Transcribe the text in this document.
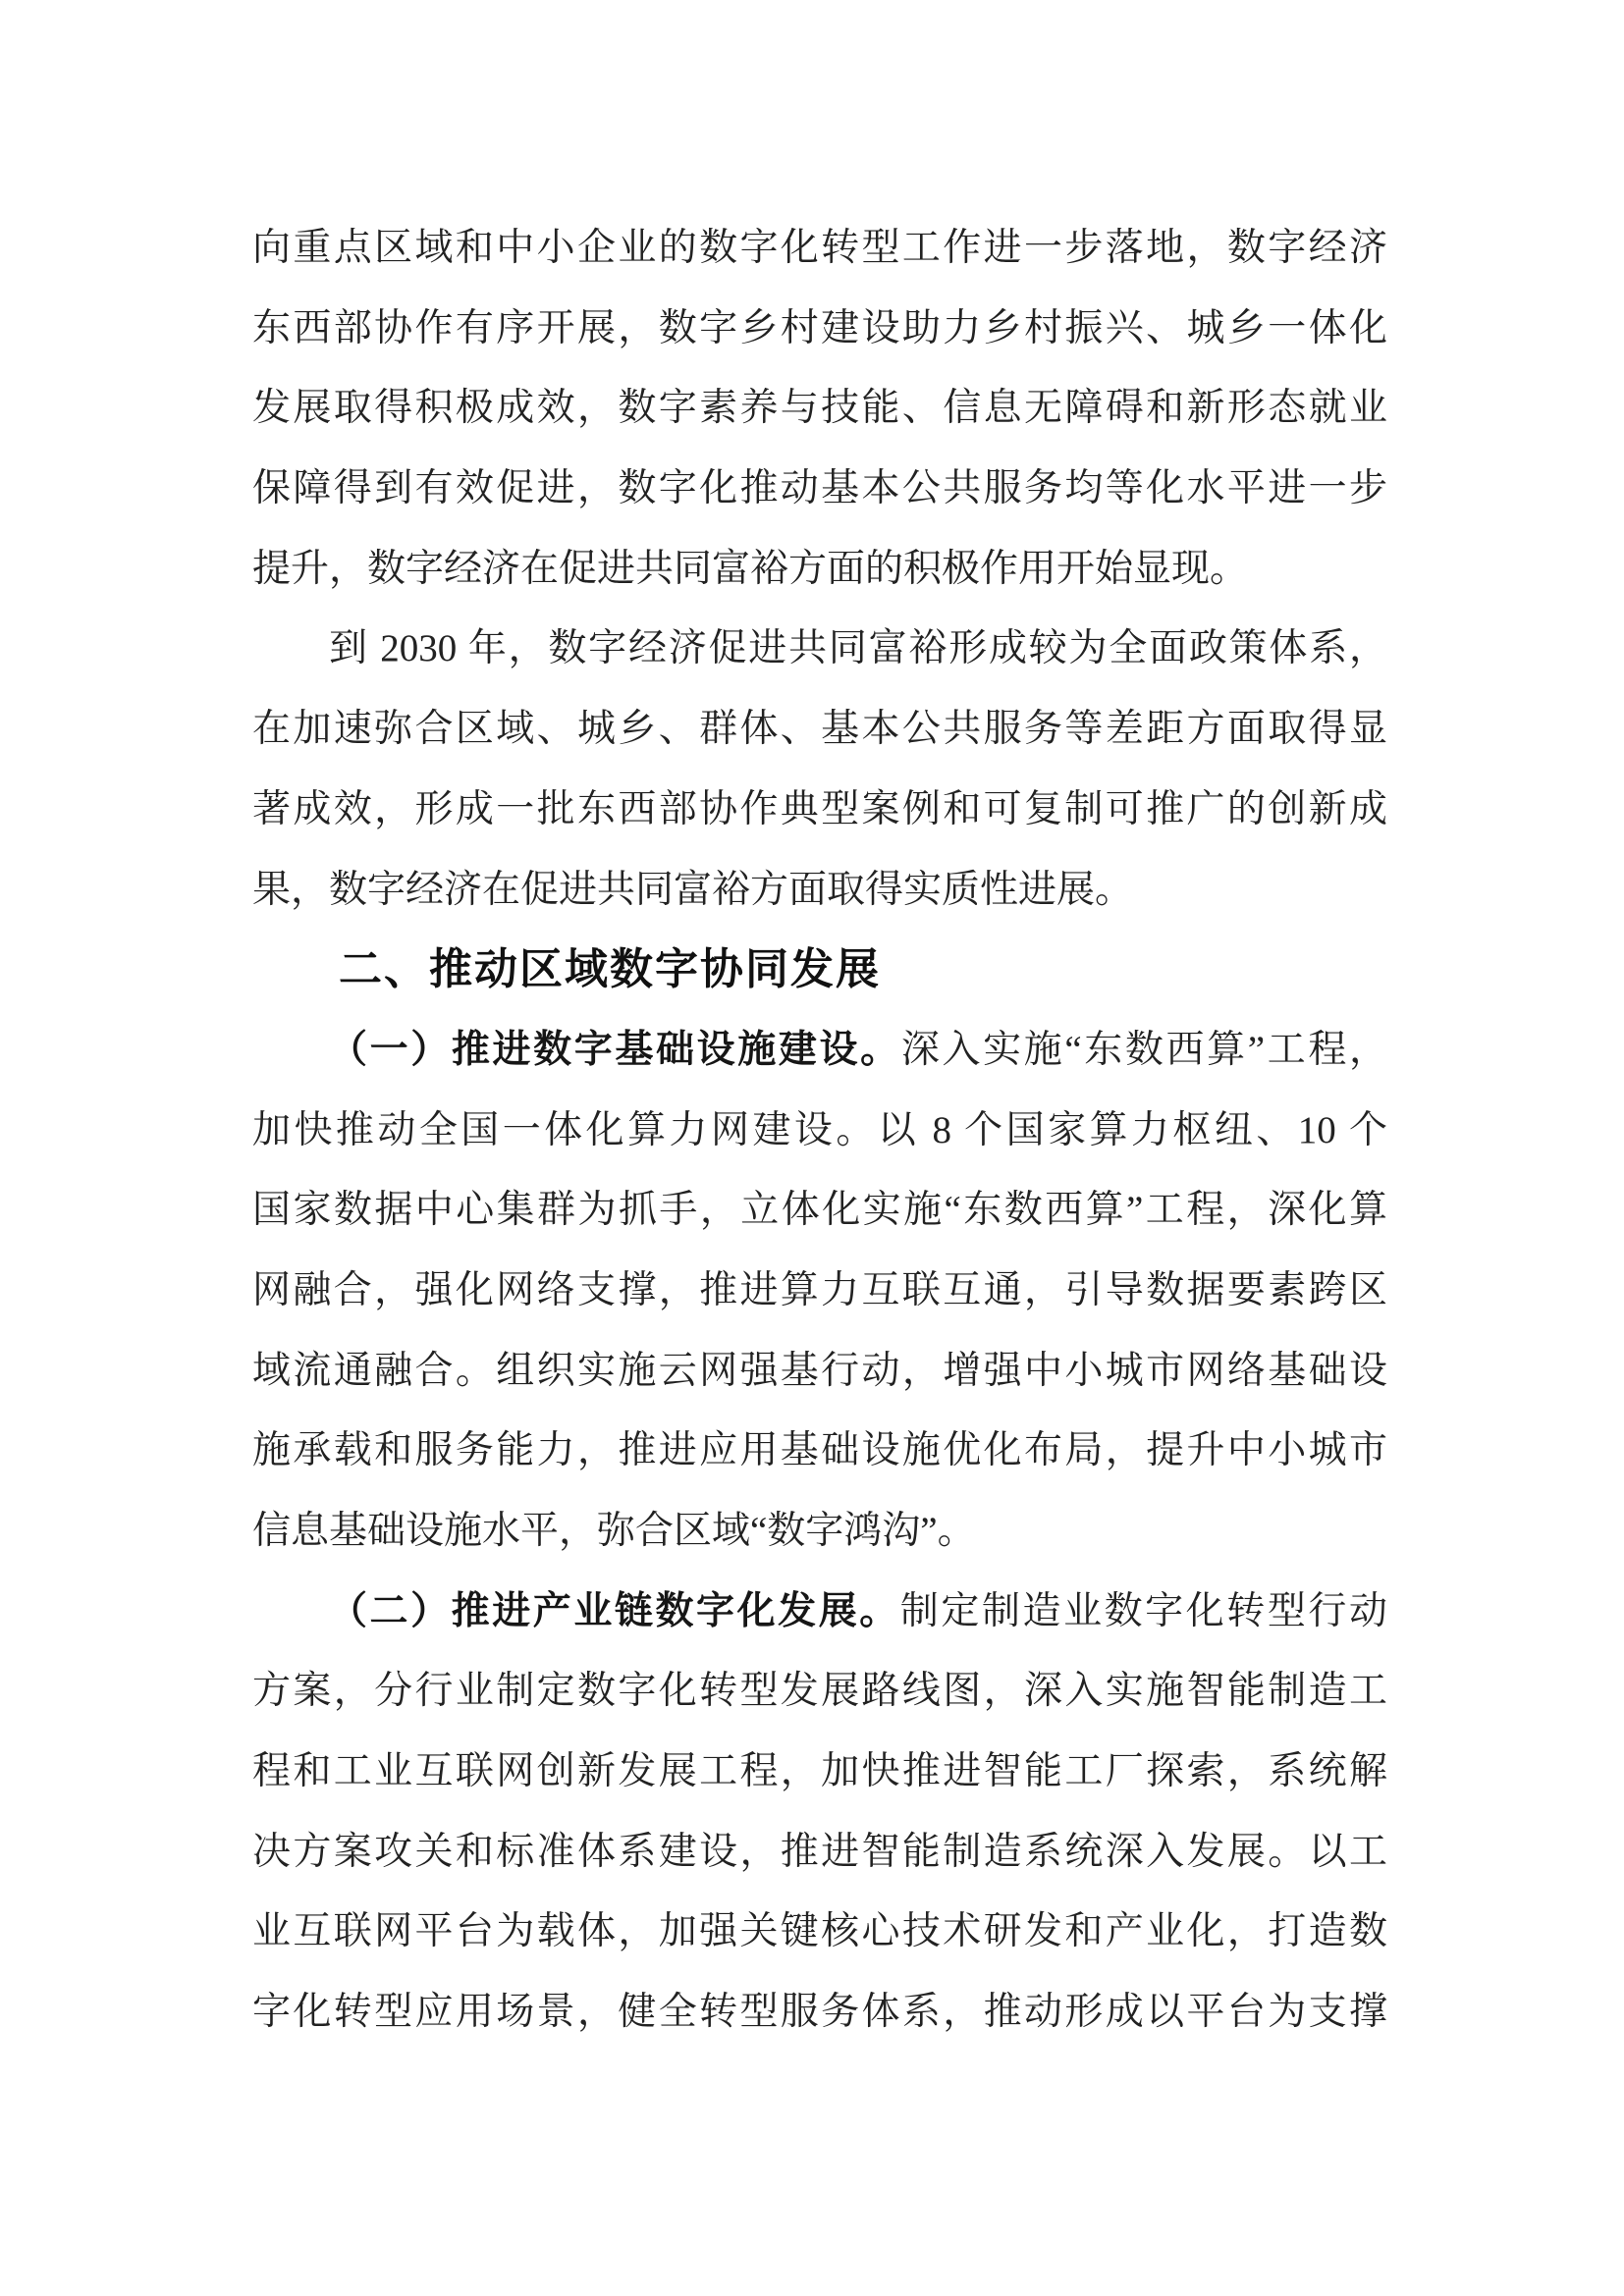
向重点区域和中小企业的数字化转型工作进一步落地，数字经济
东西部协作有序开展，数字乡村建设助力乡村振兴、城乡一体化
发展取得积极成效，数字素养与技能、信息无障碍和新形态就业
保障得到有效促进，数字化推动基本公共服务均等化水平进一步
提升，数字经济在促进共同富裕方面的积极作用开始显现。
到 2030 年，数字经济促进共同富裕形成较为全面政策体系，
在加速弥合区域、城乡、群体、基本公共服务等差距方面取得显
著成效，形成一批东西部协作典型案例和可复制可推广的创新成
果，数字经济在促进共同富裕方面取得实质性进展。
二、推动区域数字协同发展
（一）推进数字基础设施建设。深入实施“东数西算”工程，
加快推动全国一体化算力网建设。以 8 个国家算力枢纽、10 个
国家数据中心集群为抓手，立体化实施“东数西算”工程，深化算
网融合，强化网络支撑，推进算力互联互通，引导数据要素跨区
域流通融合。组织实施云网强基行动，增强中小城市网络基础设
施承载和服务能力，推进应用基础设施优化布局，提升中小城市
信息基础设施水平，弥合区域“数字鸿沟”。
（二）推进产业链数字化发展。制定制造业数字化转型行动
方案，分行业制定数字化转型发展路线图，深入实施智能制造工
程和工业互联网创新发展工程，加快推进智能工厂探索，系统解
决方案攻关和标准体系建设，推进智能制造系统深入发展。以工
业互联网平台为载体，加强关键核心技术研发和产业化，打造数
字化转型应用场景，健全转型服务体系，推动形成以平台为支撑
